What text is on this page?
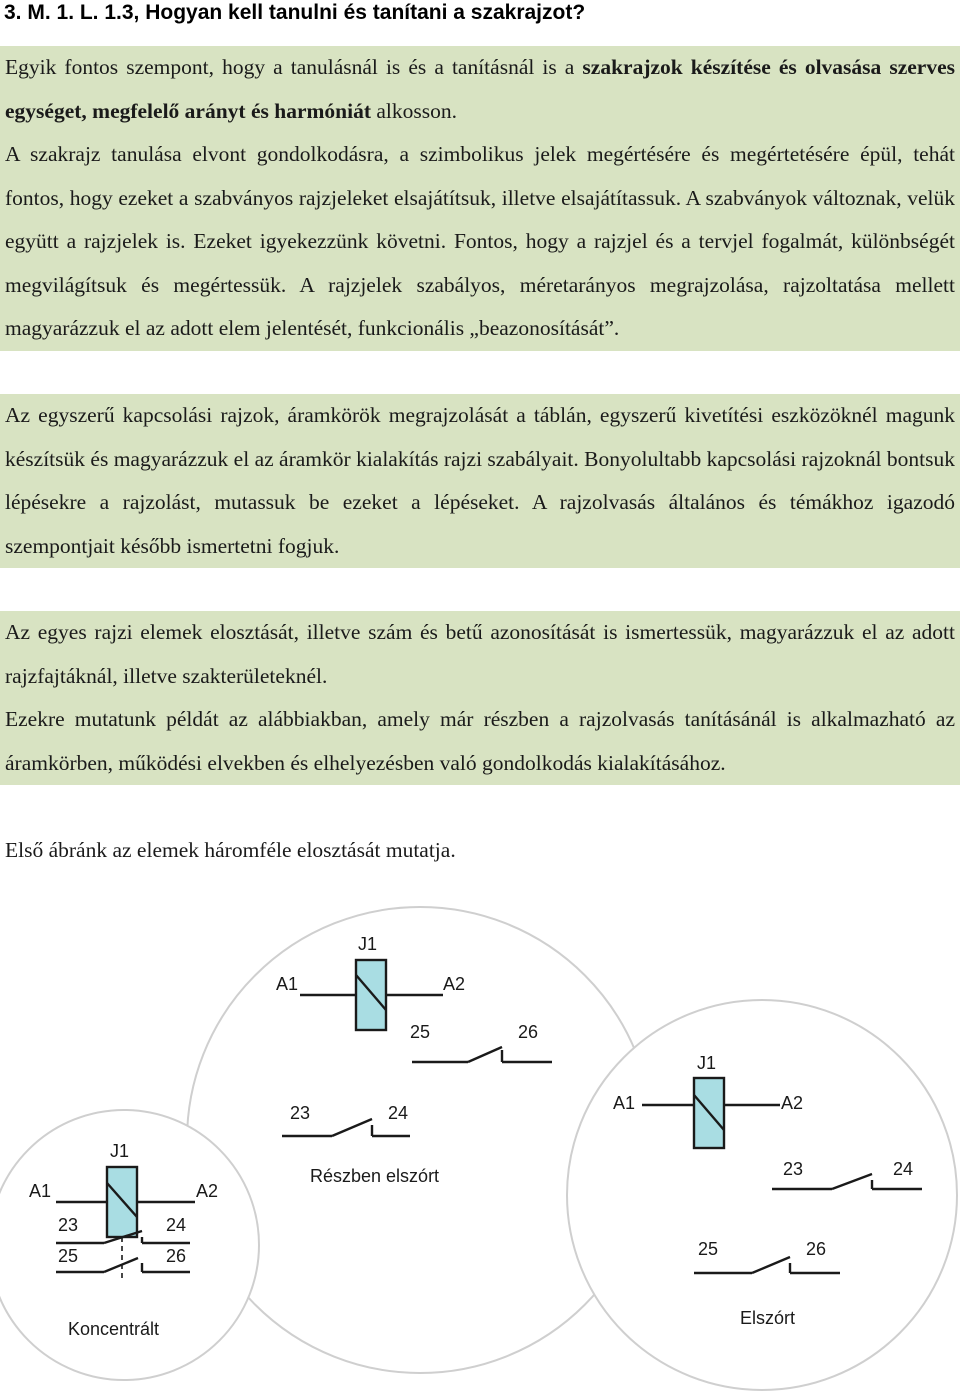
3. M. 1. L. 1.3, Hogyan kell tanulni és tanítani a szakrajzot?
Egyik fontos szempont, hogy a tanulásnál is és a tanításnál is a szakrajzok készítése és olvasása szerves egységet, megfelelő arányt és harmóniát alkosson.
A szakrajz tanulása elvont gondolkodásra, a szimbolikus jelek megértésére és megértetésére épül, tehát fontos, hogy ezeket a szabványos rajzjeleket elsajátítsuk, illetve elsajátítassuk. A szabványok változnak, velük együtt a rajzjelek is. Ezeket igyekezzünk követni. Fontos, hogy a rajzjel és a tervjel fogalmát, különbségét megvilágítsuk és megértessük. A rajzjelek szabályos, méretarányos megrajzolása, rajzoltatása mellett magyarázzuk el az adott elem jelentését, funkcionális „beazonosítását”.
Az egyszerű kapcsolási rajzok, áramkörök megrajzolását a táblán, egyszerű kivetítési eszközöknél magunk készítsük és magyarázzuk el az áramkör kialakítás rajzi szabályait. Bonyolultabb kapcsolási rajzoknál bontsuk lépésekre a rajzolást, mutassuk be ezeket a lépéseket. A rajzolvasás általános és témákhoz igazodó szempontjait később ismertetni fogjuk.
Az egyes rajzi elemek elosztását, illetve szám és betű azonosítását is ismertessük, magyarázzuk el az adott rajzfajtáknál, illetve szakterületeknél.
Ezekre mutatunk példát az alábbiakban, amely már részben a rajzolvasás tanításánál is alkalmazható az áramkörben, működési elvekben és elhelyezésben való gondolkodás kialakításához.
Első ábránk az elemek háromféle elosztását mutatja.
J1
A1	A2
25	26
23	24
Részben elszórt
J1
A1	A2
23	24
25	26
Koncentrált
J1
A1	A2
23	24
25	26
Elszórt
